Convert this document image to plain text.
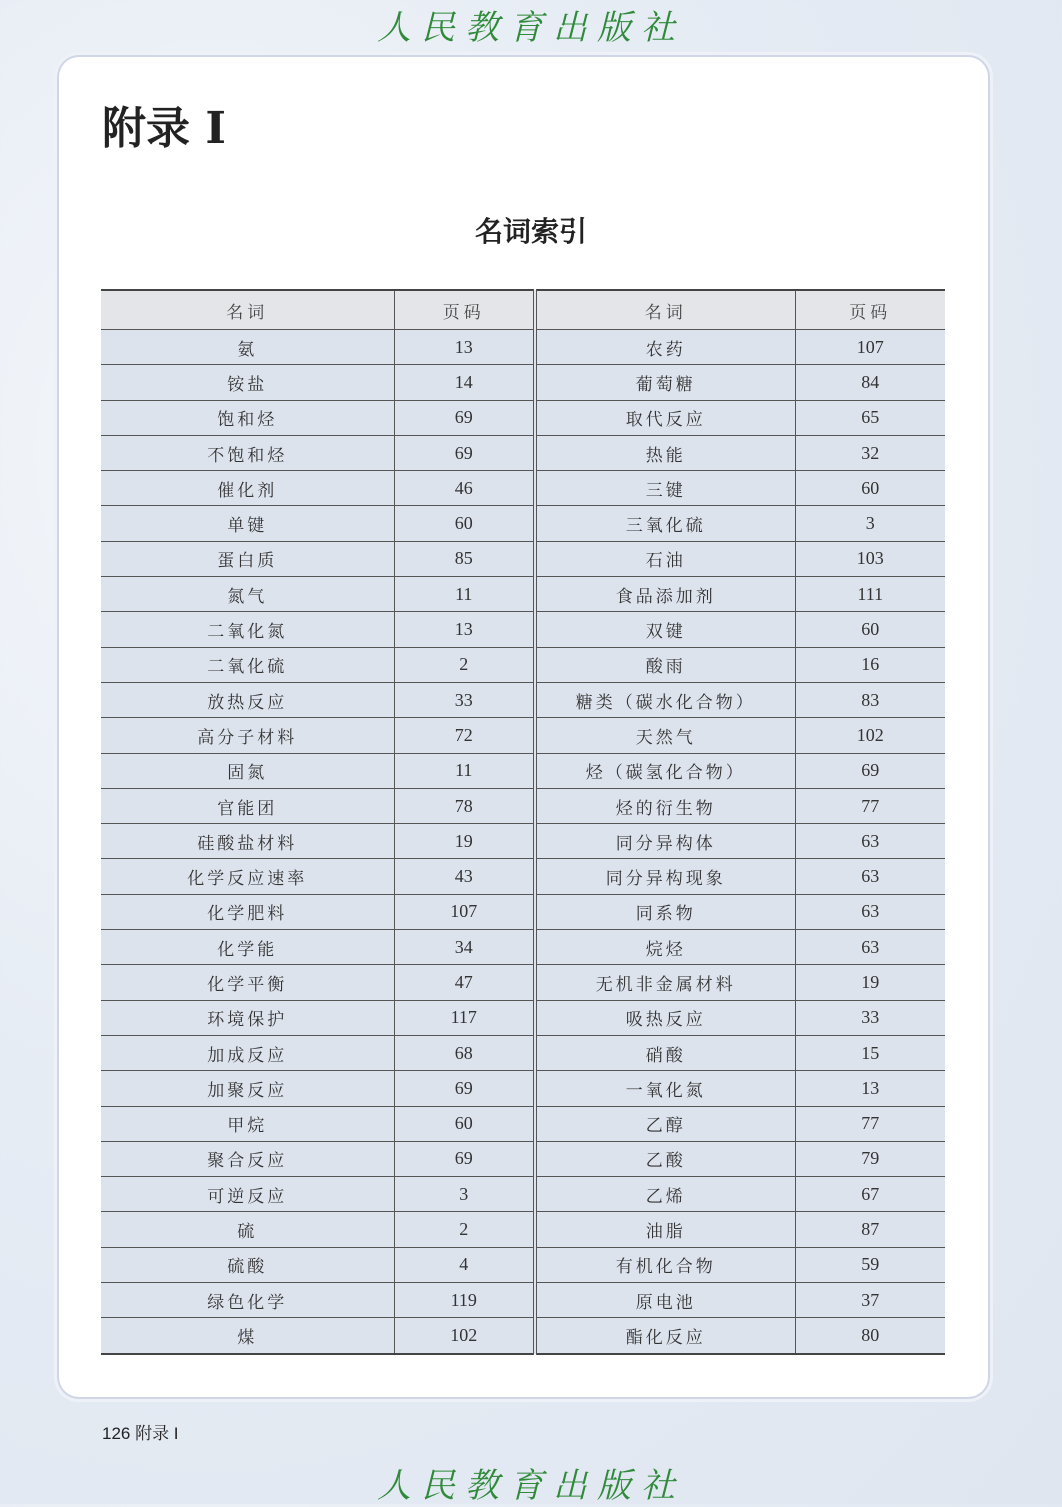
人民教育出版社
附录 I
名词索引
名词	页码	名词	页码
氨	13	农药	107
铵盐	14	葡萄糖	84
饱和烃	69	取代反应	65
不饱和烃	69	热能	32
催化剂	46	三键	60
单键	60	三氧化硫	3
蛋白质	85	石油	103
氮气	11	食品添加剂	111
二氧化氮	13	双键	60
二氧化硫	2	酸雨	16
放热反应	33	糖类（碳水化合物）	83
高分子材料	72	天然气	102
固氮	11	烃（碳氢化合物）	69
官能团	78	烃的衍生物	77
硅酸盐材料	19	同分异构体	63
化学反应速率	43	同分异构现象	63
化学肥料	107	同系物	63
化学能	34	烷烃	63
化学平衡	47	无机非金属材料	19
环境保护	117	吸热反应	33
加成反应	68	硝酸	15
加聚反应	69	一氧化氮	13
甲烷	60	乙醇	77
聚合反应	69	乙酸	79
可逆反应	3	乙烯	67
硫	2	油脂	87
硫酸	4	有机化合物	59
绿色化学	119	原电池	37
煤	102	酯化反应	80
126 附录 I
人民教育出版社
